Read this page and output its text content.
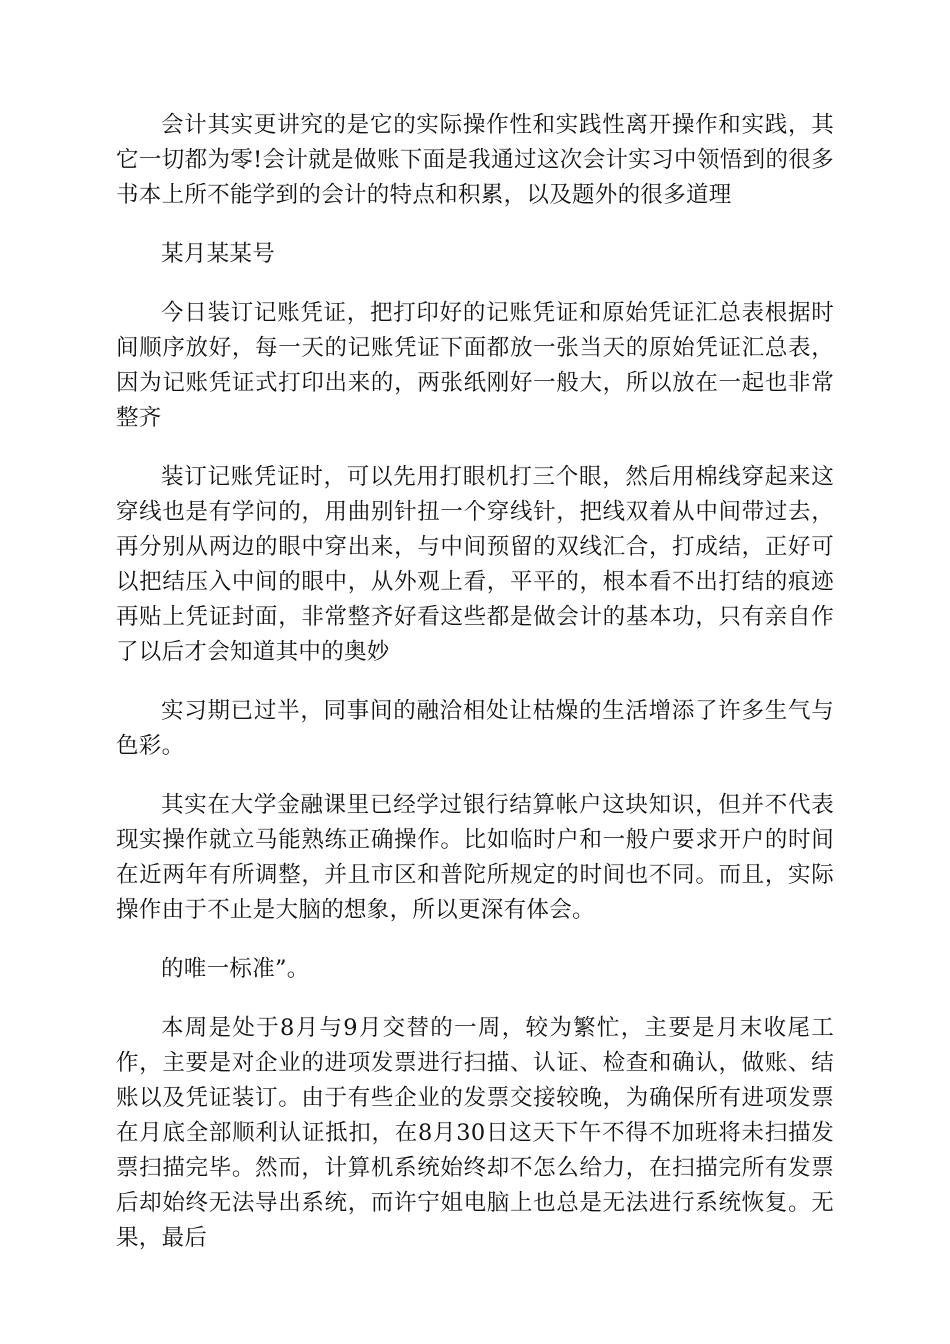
会计其实更讲究的是它的实际操作性和实践性离开操作和实践，其它一切都为零!会计就是做账下面是我通过这次会计实习中领悟到的很多书本上所不能学到的会计的特点和积累，以及题外的很多道理

某月某某号

今日装订记账凭证，把打印好的记账凭证和原始凭证汇总表根据时间顺序放好，每一天的记账凭证下面都放一张当天的原始凭证汇总表，因为记账凭证式打印出来的，两张纸刚好一般大，所以放在一起也非常整齐

装订记账凭证时，可以先用打眼机打三个眼，然后用棉线穿起来这穿线也是有学问的，用曲别针扭一个穿线针，把线双着从中间带过去，再分别从两边的眼中穿出来，与中间预留的双线汇合，打成结，正好可以把结压入中间的眼中，从外观上看，平平的，根本看不出打结的痕迹再贴上凭证封面，非常整齐好看这些都是做会计的基本功，只有亲自作了以后才会知道其中的奥妙

实习期已过半，同事间的融洽相处让枯燥的生活增添了许多生气与色彩。

其实在大学金融课里已经学过银行结算帐户这块知识，但并不代表现实操作就立马能熟练正确操作。比如临时户和一般户要求开户的时间在近两年有所调整，并且市区和普陀所规定的时间也不同。而且，实际操作由于不止是大脑的想象，所以更深有体会。

的唯一标准”。

本周是处于8月与9月交替的一周，较为繁忙，主要是月末收尾工作，主要是对企业的进项发票进行扫描、认证、检查和确认，做账、结账以及凭证装订。由于有些企业的发票交接较晚，为确保所有进项发票在月底全部顺利认证抵扣，在8月30日这天下午不得不加班将未扫描发票扫描完毕。然而，计算机系统始终却不怎么给力，在扫描完所有发票后却始终无法导出系统，而许宁姐电脑上也总是无法进行系统恢复。无果，最后
